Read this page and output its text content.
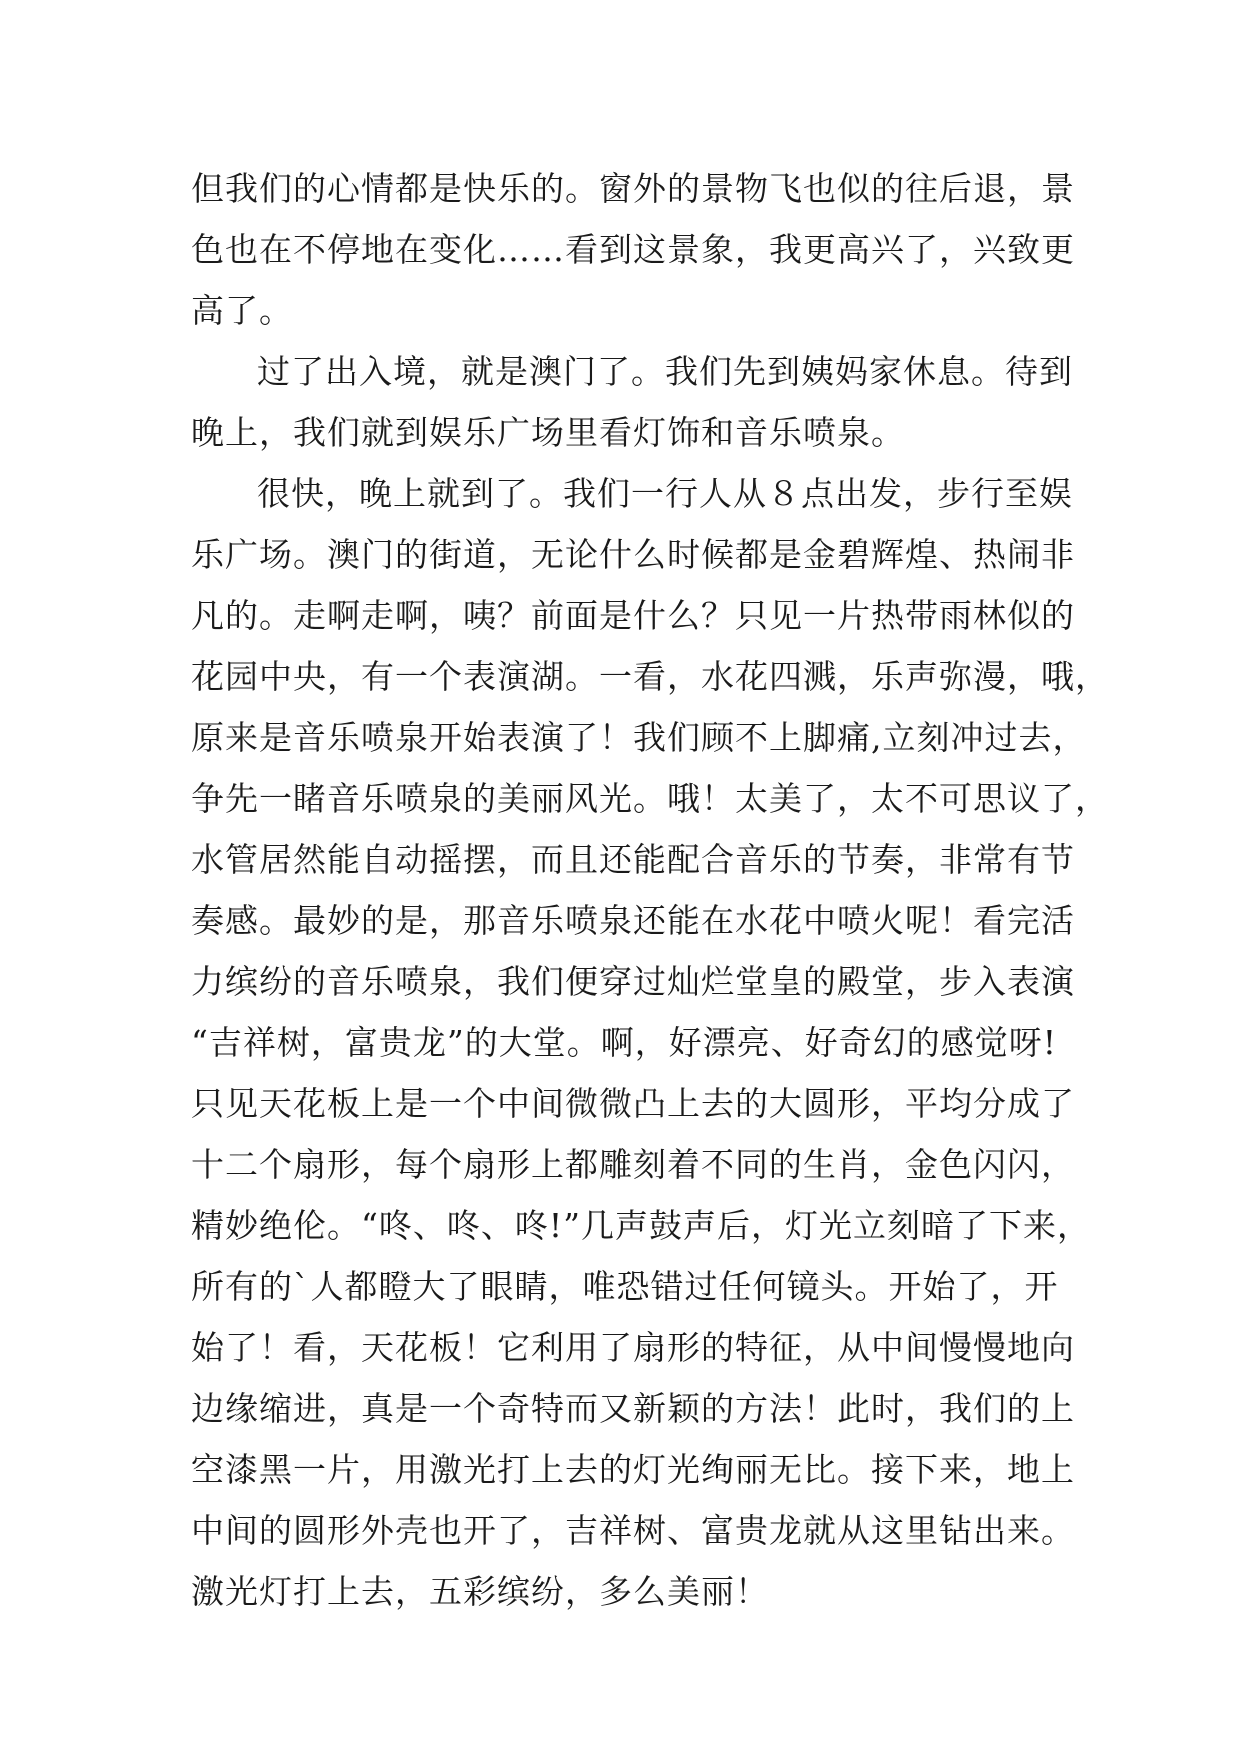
但我们的心情都是快乐的。窗外的景物飞也似的往后退，景
色也在不停地在变化……看到这景象，我更高兴了，兴致更
高了。

过了出入境，就是澳门了。我们先到姨妈家休息。待到
晚上，我们就到娱乐广场里看灯饰和音乐喷泉。

很快，晚上就到了。我们一行人从８点出发，步行至娱
乐广场。澳门的街道，无论什么时候都是金碧辉煌、热闹非
凡的。走啊走啊，咦？前面是什么？只见一片热带雨林似的
花园中央，有一个表演湖。一看，水花四溅，乐声弥漫，哦，
原来是音乐喷泉开始表演了！我们顾不上脚痛,立刻冲过去，
争先一睹音乐喷泉的美丽风光。哦！太美了，太不可思议了，
水管居然能自动摇摆，而且还能配合音乐的节奏，非常有节
奏感。最妙的是，那音乐喷泉还能在水花中喷火呢！看完活
力缤纷的音乐喷泉，我们便穿过灿烂堂皇的殿堂，步入表演
“吉祥树，富贵龙”的大堂。啊，好漂亮、好奇幻的感觉呀!
只见天花板上是一个中间微微凸上去的大圆形，平均分成了
十二个扇形，每个扇形上都雕刻着不同的生肖，金色闪闪，
精妙绝伦。“咚、咚、咚!”几声鼓声后，灯光立刻暗了下来，
所有的`人都瞪大了眼睛，唯恐错过任何镜头。开始了，开
始了！看，天花板！它利用了扇形的特征，从中间慢慢地向
边缘缩进，真是一个奇特而又新颖的方法！此时，我们的上
空漆黑一片，用激光打上去的灯光绚丽无比。接下来，地上
中间的圆形外壳也开了，吉祥树、富贵龙就从这里钻出来。
激光灯打上去，五彩缤纷，多么美丽！
